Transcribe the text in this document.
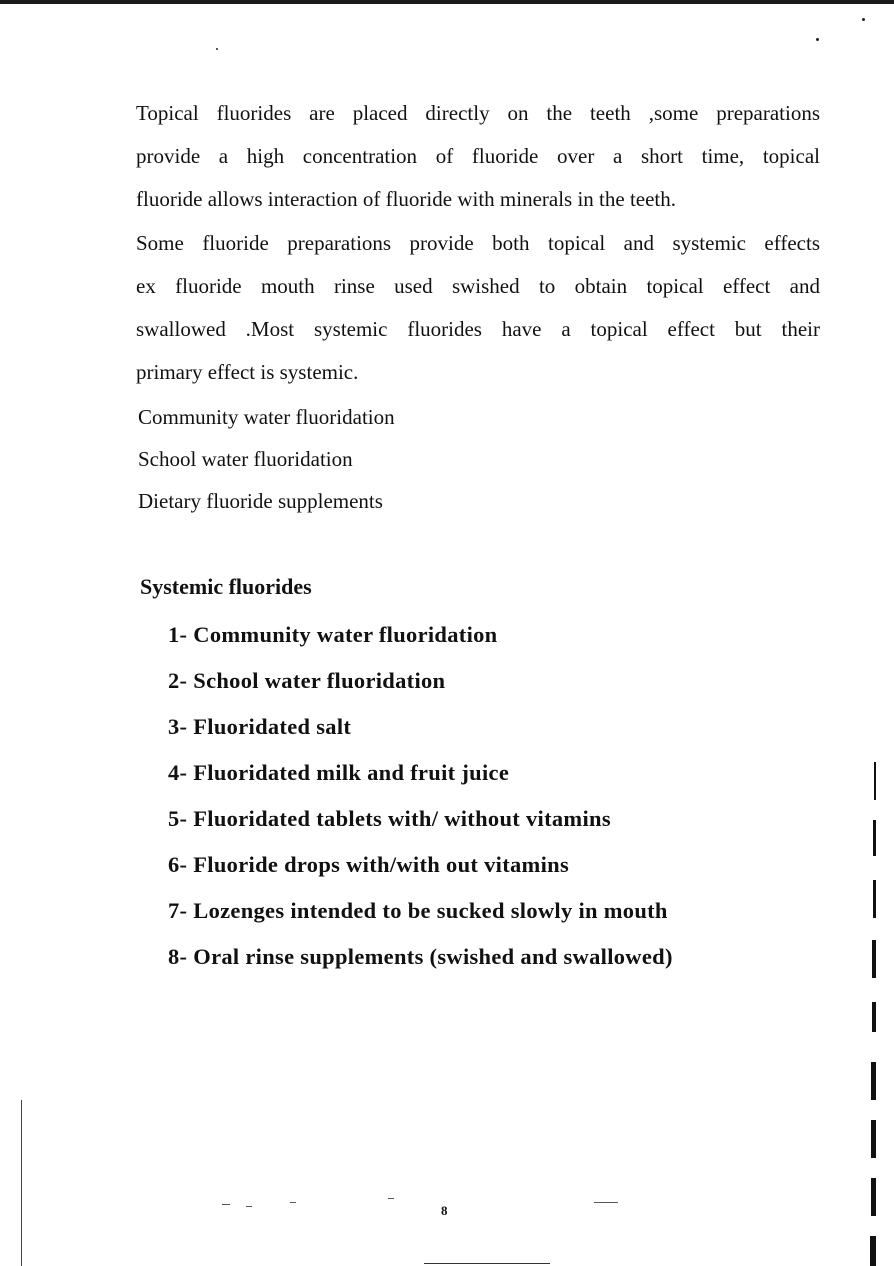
Topical fluorides are placed directly on the teeth ,some preparations
provide a high concentration of fluoride over a short time, topical
fluoride allows interaction of fluoride with minerals in the teeth.
Some fluoride preparations provide both topical and systemic effects
ex fluoride mouth rinse used swished to obtain topical effect and
swallowed .Most systemic fluorides have a topical effect but their
primary effect is systemic.
Community water fluoridation
School water fluoridation
Dietary fluoride supplements
Systemic fluorides
1- Community water fluoridation
2- School water fluoridation
3- Fluoridated salt
4- Fluoridated milk and fruit juice
5- Fluoridated tablets with/ without vitamins
6- Fluoride drops with/with out vitamins
7- Lozenges intended to be sucked slowly in mouth
8- Oral rinse supplements (swished and swallowed)
8
